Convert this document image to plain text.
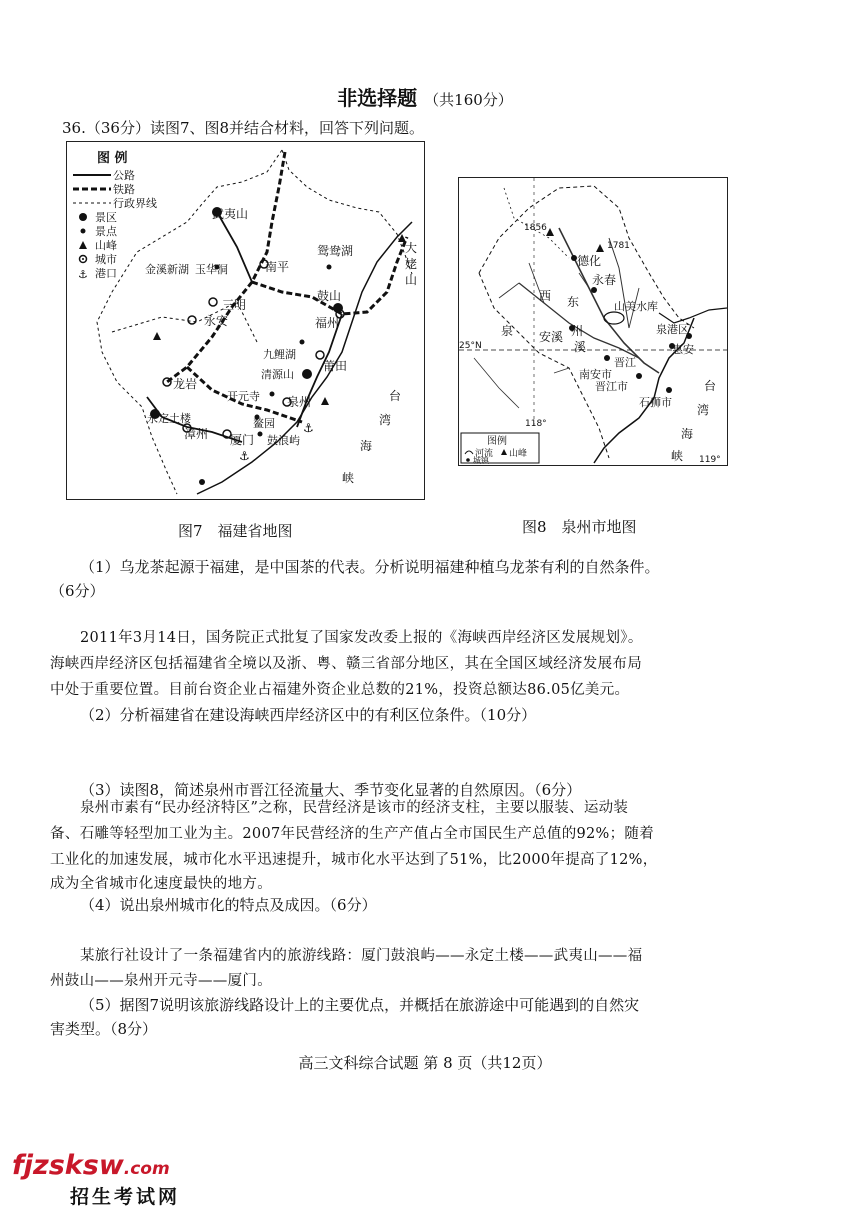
非选择题 （共160分）
36.（36分）读图7、图8并结合材料，回答下列问题。
图 例
公路
铁路
行政界线
景区
景点
山峰
城市
⚓ 港口
⚓
⚓
武夷山
南平
鸳鸯湖
金溪新湖 玉华洞
大
姥
山
三明
永安
鼓山
福州
九鲤湖
莆田
清源山
龙岩
开元寺 泉州	台
湾
海
峡
永定土楼
漳州
鳌园
厦门 鼓浪屿
图7　福建省地图
25°N
118°
119°
1856
1781
德化
永春
西 东	山美水库
泉 安溪 州
溪
泉港区
惠安
南安市
晋江
晋江市
石狮市
台
湾
海
峡
图例
河流 山峰
城镇
图8　泉州市地图
（1）乌龙茶起源于福建，是中国茶的代表。分析说明福建种植乌龙茶有利的自然条件。
（6分）
2011年3月14日，国务院正式批复了国家发改委上报的《海峡西岸经济区发展规划》。
海峡西岸经济区包括福建省全境以及浙、粤、赣三省部分地区，其在全国区域经济发展布局
中处于重要位置。目前台资企业占福建外资企业总数的21%，投资总额达86.05亿美元。
（2）分析福建省在建设海峡西岸经济区中的有利区位条件。（10分）
（3）读图8，简述泉州市晋江径流量大、季节变化显著的自然原因。（6分）
泉州市素有“民办经济特区”之称，民营经济是该市的经济支柱，主要以服装、运动装
备、石雕等轻型加工业为主。2007年民营经济的生产产值占全市国民生产总值的92%；随着
工业化的加速发展，城市化水平迅速提升，城市化水平达到了51%，比2000年提高了12%，
成为全省城市化速度最快的地方。
（4）说出泉州城市化的特点及成因。（6分）
某旅行社设计了一条福建省内的旅游线路：厦门鼓浪屿——永定土楼——武夷山——福
州鼓山——泉州开元寺——厦门。
（5）据图7说明该旅游线路设计上的主要优点，并概括在旅游途中可能遇到的自然灾
害类型。（8分）
高三文科综合试题 第 8 页（共12页）
fjzsksw.com
招生考试网
